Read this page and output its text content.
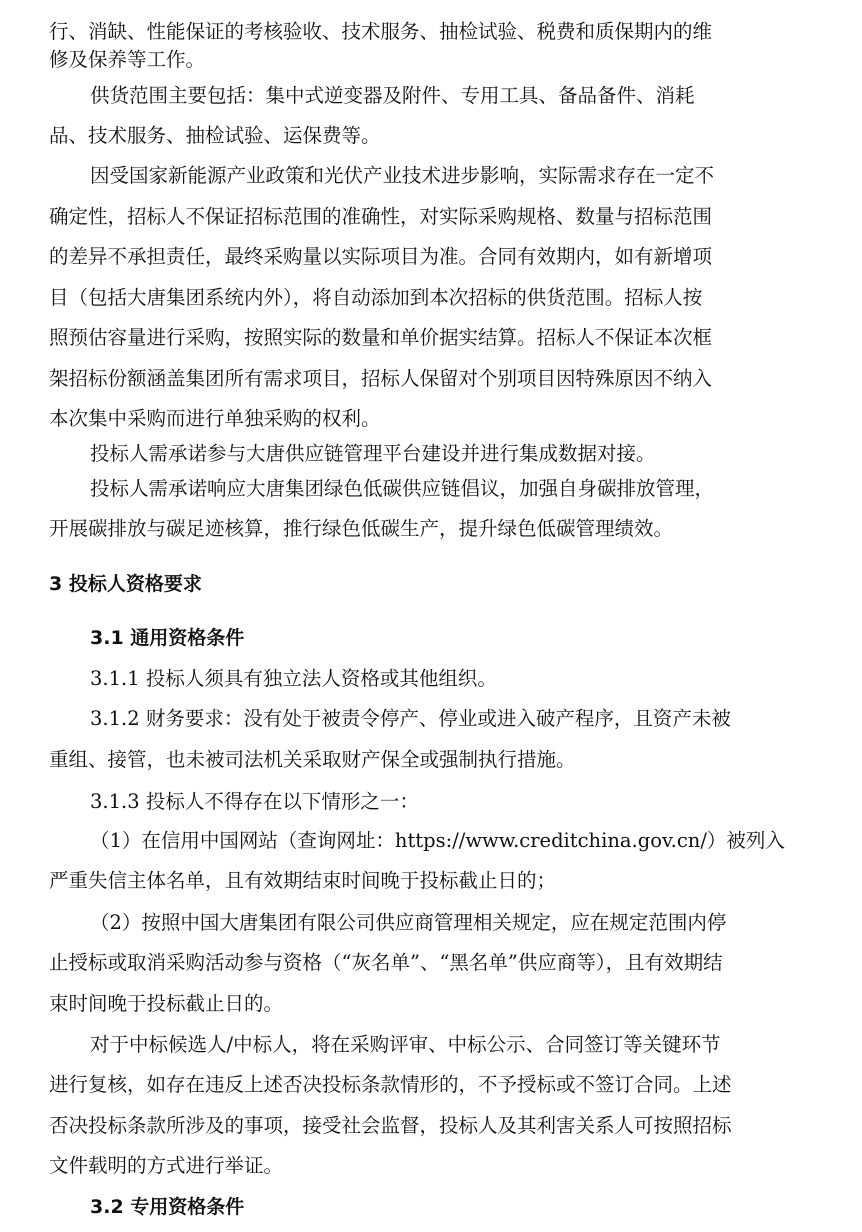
行、消缺、性能保证的考核验收、技术服务、抽检试验、税费和质保期内的维
修及保养等工作。
供货范围主要包括：集中式逆变器及附件、专用工具、备品备件、消耗
品、技术服务、抽检试验、运保费等。
因受国家新能源产业政策和光伏产业技术进步影响，实际需求存在一定不
确定性，招标人不保证招标范围的准确性，对实际采购规格、数量与招标范围
的差异不承担责任，最终采购量以实际项目为准。合同有效期内，如有新增项
目（包括大唐集团系统内外），将自动添加到本次招标的供货范围。招标人按
照预估容量进行采购，按照实际的数量和单价据实结算。招标人不保证本次框
架招标份额涵盖集团所有需求项目，招标人保留对个别项目因特殊原因不纳入
本次集中采购而进行单独采购的权利。
投标人需承诺参与大唐供应链管理平台建设并进行集成数据对接。
投标人需承诺响应大唐集团绿色低碳供应链倡议，加强自身碳排放管理，
开展碳排放与碳足迹核算，推行绿色低碳生产，提升绿色低碳管理绩效。
3 投标人资格要求
3.1 通用资格条件
3.1.1 投标人须具有独立法人资格或其他组织。
3.1.2 财务要求：没有处于被责令停产、停业或进入破产程序，且资产未被
重组、接管，也未被司法机关采取财产保全或强制执行措施。
3.1.3 投标人不得存在以下情形之一：
（1）在信用中国网站（查询网址：https://www.creditchina.gov.cn/）被列入
严重失信主体名单，且有效期结束时间晚于投标截止日的；
（2）按照中国大唐集团有限公司供应商管理相关规定，应在规定范围内停
止授标或取消采购活动参与资格（“灰名单”、“黑名单”供应商等），且有效期结
束时间晚于投标截止日的。
对于中标候选人/中标人，将在采购评审、中标公示、合同签订等关键环节
进行复核，如存在违反上述否决投标条款情形的，不予授标或不签订合同。上述
否决投标条款所涉及的事项，接受社会监督，投标人及其利害关系人可按照招标
文件载明的方式进行举证。
3.2 专用资格条件
